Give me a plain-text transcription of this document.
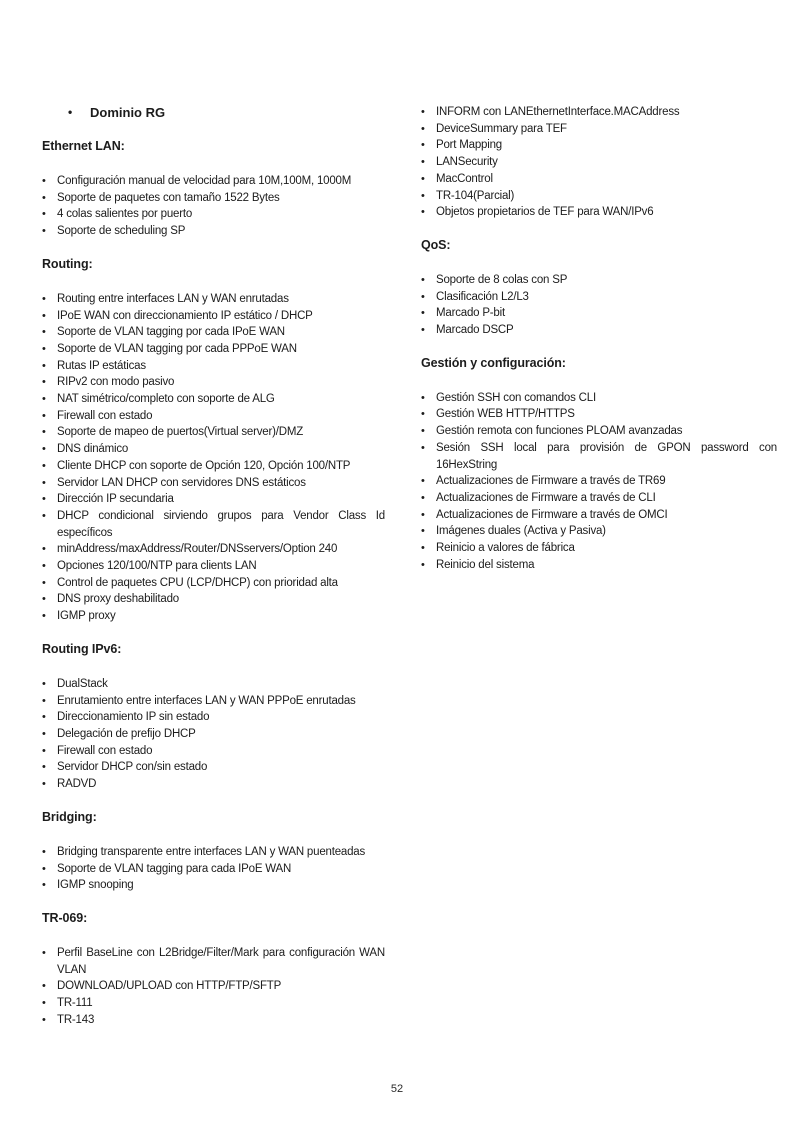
•	Dominio RG
Ethernet LAN:
• Configuración manual de velocidad para 10M,100M, 1000M
• Soporte de paquetes con tamaño 1522 Bytes
• 4 colas salientes por puerto
• Soporte de scheduling SP
Routing:
• Routing entre interfaces LAN y WAN enrutadas
• IPoE WAN con direccionamiento IP estático / DHCP
• Soporte de VLAN tagging por cada IPoE WAN
• Soporte de VLAN tagging por cada PPPoE WAN
• Rutas IP estáticas
• RIPv2 con modo pasivo
• NAT simétrico/completo con soporte de ALG
• Firewall con estado
• Soporte de mapeo de puertos(Virtual server)/DMZ
• DNS dinámico
• Cliente DHCP con soporte de Opción 120, Opción 100/NTP
• Servidor LAN DHCP con servidores DNS estáticos
• Dirección IP secundaria
• DHCP condicional sirviendo grupos para Vendor Class Id específicos
• minAddress/maxAddress/Router/DNSservers/Option 240
• Opciones 120/100/NTP para clients LAN
• Control de paquetes CPU (LCP/DHCP) con prioridad alta
• DNS proxy deshabilitado
• IGMP proxy
Routing IPv6:
• DualStack
• Enrutamiento entre interfaces LAN y WAN PPPoE enrutadas
• Direccionamiento IP sin estado
• Delegación de prefijo DHCP
• Firewall con estado
• Servidor DHCP con/sin estado
• RADVD
Bridging:
• Bridging transparente entre interfaces LAN y WAN puenteadas
• Soporte de VLAN tagging para cada IPoE WAN
• IGMP snooping
TR-069:
• Perfil BaseLine con L2Bridge/Filter/Mark para configuración WAN VLAN
• DOWNLOAD/UPLOAD con HTTP/FTP/SFTP
• TR-111
• TR-143
• INFORM con LANEthernetInterface.MACAddress
• DeviceSummary para TEF
• Port Mapping
• LANSecurity
• MacControl
• TR-104(Parcial)
• Objetos propietarios de TEF para WAN/IPv6
QoS:
• Soporte de 8 colas con SP
• Clasificación L2/L3
• Marcado P-bit
• Marcado DSCP
Gestión y configuración:
• Gestión SSH con comandos CLI
• Gestión WEB HTTP/HTTPS
• Gestión remota con funciones PLOAM avanzadas
• Sesión SSH local para provisión de GPON password con 16HexString
• Actualizaciones de Firmware a través de TR69
• Actualizaciones de Firmware a través de CLI
• Actualizaciones de Firmware a través de OMCI
• Imágenes duales (Activa y Pasiva)
• Reinicio a valores de fábrica
• Reinicio del sistema
52
